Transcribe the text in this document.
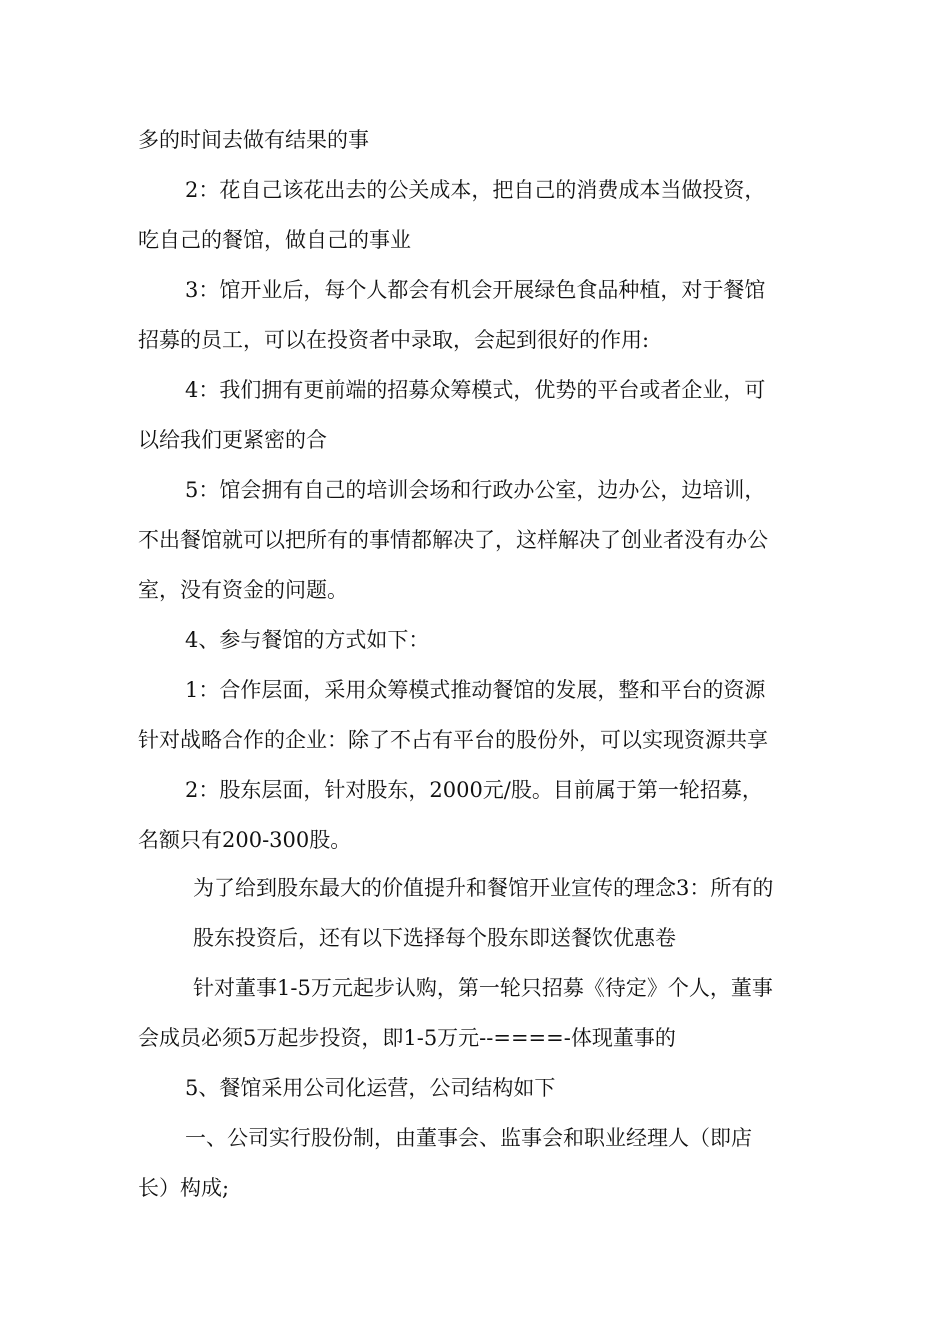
多的时间去做有结果的事
2：花自己该花出去的公关成本，把自己的消费成本当做投资，
吃自己的餐馆，做自己的事业
3：馆开业后，每个人都会有机会开展绿色食品种植，对于餐馆
招募的员工，可以在投资者中录取，会起到很好的作用:
4：我们拥有更前端的招募众筹模式，优势的平台或者企业，可
以给我们更紧密的合
5：馆会拥有自己的培训会场和行政办公室，边办公，边培训，
不出餐馆就可以把所有的事情都解决了，这样解决了创业者没有办公
室，没有资金的问题。
4、参与餐馆的方式如下：
1：合作层面，采用众筹模式推动餐馆的发展，整和平台的资源
针对战略合作的企业：除了不占有平台的股份外，可以实现资源共享
2：股东层面，针对股东，2000元/股。目前属于第一轮招募，
名额只有200-300股。
为了给到股东最大的价值提升和餐馆开业宣传的理念3：所有的
股东投资后，还有以下选择每个股东即送餐饮优惠卷
针对董事1-5万元起步认购，第一轮只招募《待定》个人，董事
会成员必须5万起步投资，即1-5万元--====-体现董事的
5、餐馆采用公司化运营，公司结构如下
一、公司实行股份制，由董事会、监事会和职业经理人（即店
长）构成;
